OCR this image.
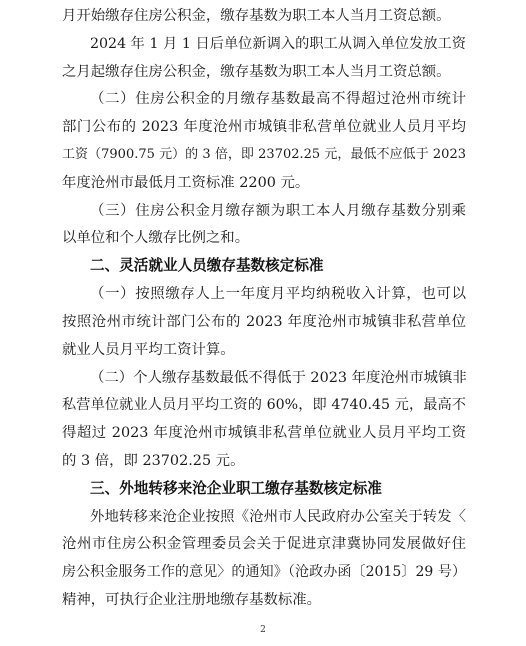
月开始缴存住房公积金，缴存基数为职工本人当月工资总额。
2024 年 1 月 1 日后单位新调入的职工从调入单位发放工资
之月起缴存住房公积金，缴存基数为职工本人当月工资总额。
（二）住房公积金的月缴存基数最高不得超过沧州市统计
部门公布的 2023 年度沧州市城镇非私营单位就业人员月平均
工资（7900.75 元）的 3 倍，即 23702.25 元，最低不应低于 2023
年度沧州市最低月工资标准 2200 元。
（三）住房公积金月缴存额为职工本人月缴存基数分别乘
以单位和个人缴存比例之和。
二、灵活就业人员缴存基数核定标准
（一）按照缴存人上一年度月平均纳税收入计算，也可以
按照沧州市统计部门公布的 2023 年度沧州市城镇非私营单位
就业人员月平均工资计算。
（二）个人缴存基数最低不得低于 2023 年度沧州市城镇非
私营单位就业人员月平均工资的 60%，即 4740.45 元，最高不
得超过 2023 年度沧州市城镇非私营单位就业人员月平均工资
的 3 倍，即 23702.25 元。
三、外地转移来沧企业职工缴存基数核定标准
外地转移来沧企业按照《沧州市人民政府办公室关于转发〈
沧州市住房公积金管理委员会关于促进京津冀协同发展做好住
房公积金服务工作的意见〉的通知》（沧政办函〔2015〕29 号）
精神，可执行企业注册地缴存基数标准。
2
